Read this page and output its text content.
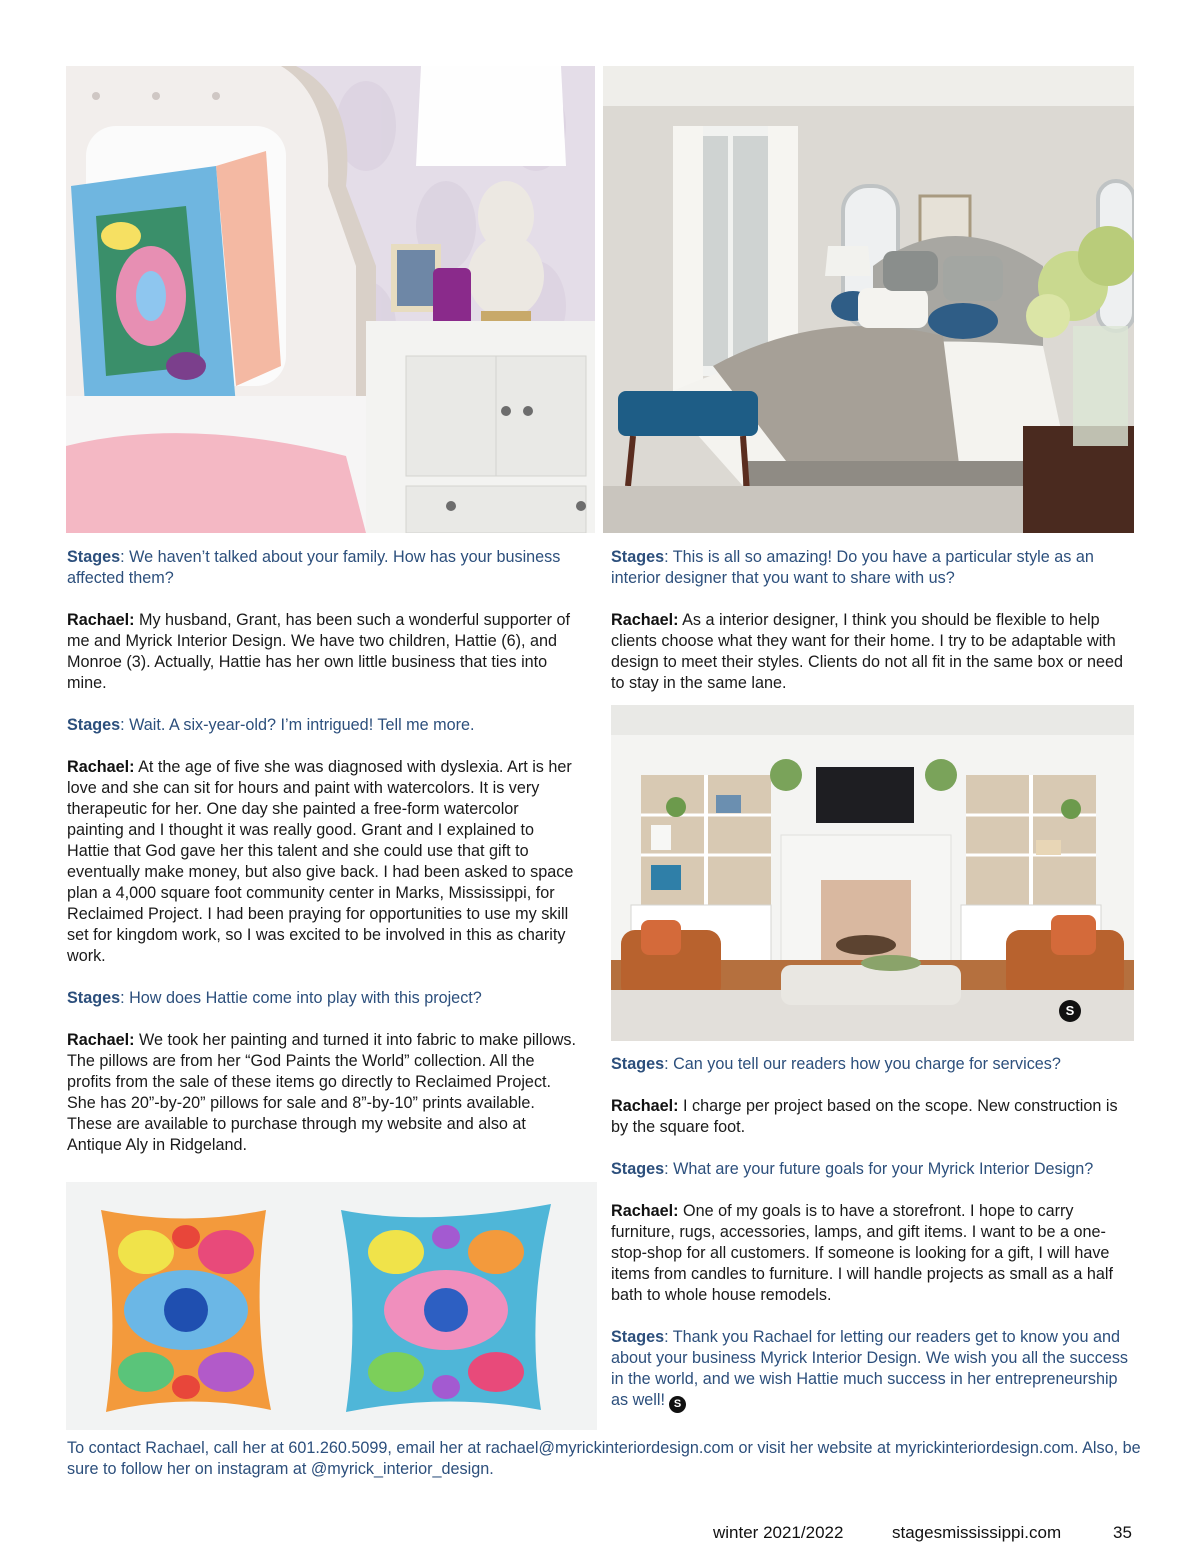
Stages: We haven’t talked about your family. How has your business affected them?

Rachael: My husband, Grant, has been such a wonderful supporter of me and Myrick Interior Design. We have two children, Hattie (6), and Monroe (3). Actually, Hattie has her own little business that ties into mine.

Stages: Wait. A six-year-old? I’m intrigued! Tell me more.

Rachael: At the age of five she was diagnosed with dyslexia. Art is her love and she can sit for hours and paint with watercolors. It is very therapeutic for her. One day she painted a free-form watercolor painting and I thought it was really good. Grant and I explained to Hattie that God gave her this talent and she could use that gift to eventually make money, but also give back. I had been asked to space plan a 4,000 square foot community center in Marks, Mississippi, for Reclaimed Project. I had been praying for opportunities to use my skill set for kingdom work, so I was excited to be involved in this as charity work.

Stages: How does Hattie come into play with this project?

Rachael: We took her painting and turned it into fabric to make pillows. The pillows are from her “God Paints the World” collection. All the profits from the sale of these items go directly to Reclaimed Project. She has 20”-by-20” pillows for sale and 8”-by-10” prints available. These are available to purchase through my website and also at Antique Aly in Ridgeland.

Stages: This is all so amazing! Do you have a particular style as an interior designer that you want to share with us?

Rachael: As a interior designer, I think you should be flexible to help clients choose what they want for their home. I try to be adaptable with design to meet their styles. Clients do not all fit in the same box or need to stay in the same lane.

S

Stages: Can you tell our readers how you charge for services?

Rachael: I charge per project based on the scope. New construction is by the square foot.

Stages: What are your future goals for your Myrick Interior Design?

Rachael: One of my goals is to have a storefront. I hope to carry furniture, rugs, accessories, lamps, and gift items. I want to be a one-stop-shop for all customers. If someone is looking for a gift, I will have items from candles to furniture. I will handle projects as small as a half bath to whole house remodels.

Stages: Thank you Rachael for letting our readers get to know you and about your business Myrick Interior Design. We wish you all the success in the world, and we wish Hattie much success in her entrepreneurship as well! S

To contact Rachael, call her at 601.260.5099, email her at rachael@myrickinteriordesign.com or visit her website at myrickinteriordesign.com. Also, be sure to follow her on instagram at @myrick_interior_design.
winter 2021/2022	stagesmississippi.com	35
